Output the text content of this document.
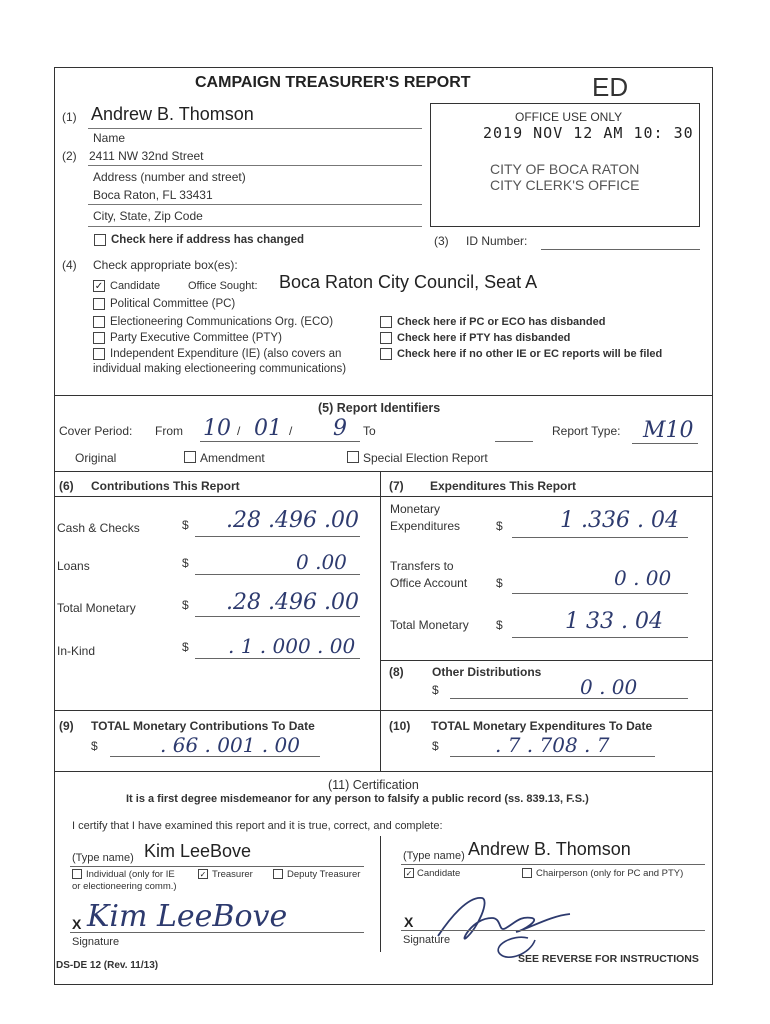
CAMPAIGN TREASURER'S REPORT	ED
OFFICE USE ONLY
2019 NOV 12 AM 10: 30
CITY OF BOCA RATON
CITY CLERK'S OFFICE
(1) Andrew B. Thomson
Name
(2) 2411 NW 32nd Street
Address (number and street)
Boca Raton, FL 33431
City, State, Zip Code
Check here if address has changed	(3) ID Number:
(4) Check appropriate box(es):
✓ Candidate	Office Sought: Boca Raton City Council, Seat A
Political Committee (PC)
Electioneering Communications Org. (ECO)
Party Executive Committee (PTY)
Independent Expenditure (IE) (also covers an
individual making electioneering communications)
Check here if PC or ECO has disbanded
Check here if PTY has disbanded
Check here if no other IE or EC reports will be filed
(5) Report Identifiers
Cover Period: From 10 / 01 / 9 To	Report Type: M10
Original	Amendment	Special Election Report
(6) Contributions This Report
Cash & Checks	$ .28 .496 .00
Loans	$	0 .00
Total Monetary	$ .28 .496 .00
In-Kind	$ . 1 . 000 . 00
(7) Expenditures This Report
Monetary
Expenditures	$	1 .336 . 04
Transfers to
Office Account $	0 . 00
Total Monetary $	1 33 . 04
(8) Other Distributions
$	0 . 00
(9) TOTAL Monetary Contributions To Date
$	. 66 . 001 . 00
(10) TOTAL Monetary Expenditures To Date
$	. 7 . 708 . 7
(11) Certification
It is a first degree misdemeanor for any person to falsify a public record (ss. 839.13, F.S.)
I certify that I have examined this report and it is true, correct, and complete:
(Type name) Kim LeeBove
Individual (only for IE
or electioneering comm.)
✓ Treasurer	Deputy Treasurer
X Kim LeeBove
Signature
(Type name) Andrew B. Thomson
✓ Candidate	Chairperson (only for PC and PTY)
X
Signature
DS-DE 12 (Rev. 11/13)
SEE REVERSE FOR INSTRUCTIONS
